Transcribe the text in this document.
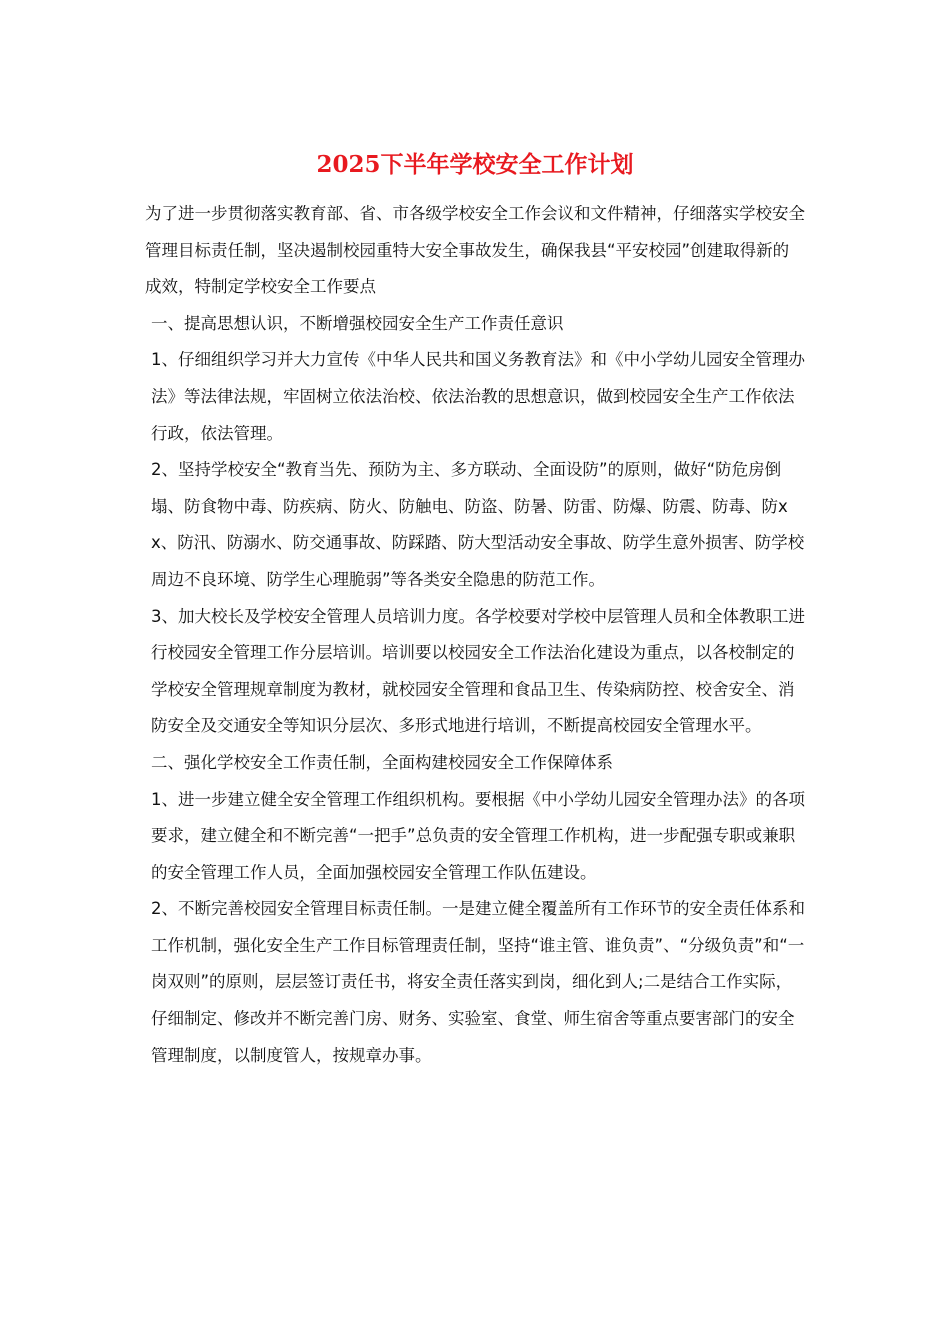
2025下半年学校安全工作计划

为了进一步贯彻落实教育部、省、市各级学校安全工作会议和文件精神，仔细落实学校安全管理目标责任制，坚决遏制校园重特大安全事故发生，确保我县“平安校园”创建取得新的成效，特制定学校安全工作要点

一、提高思想认识，不断增强校园安全生产工作责任意识

1、仔细组织学习并大力宣传《中华人民共和国义务教育法》和《中小学幼儿园安全管理办法》等法律法规，牢固树立依法治校、依法治教的思想意识，做到校园安全生产工作依法行政，依法管理。

2、坚持学校安全“教育当先、预防为主、多方联动、全面设防”的原则，做好“防危房倒塌、防食物中毒、防疾病、防火、防触电、防盗、防暑、防雷、防爆、防震、防毒、防xx、防汛、防溺水、防交通事故、防踩踏、防大型活动安全事故、防学生意外损害、防学校周边不良环境、防学生心理脆弱”等各类安全隐患的防范工作。

3、加大校长及学校安全管理人员培训力度。各学校要对学校中层管理人员和全体教职工进行校园安全管理工作分层培训。培训要以校园安全工作法治化建设为重点，以各校制定的学校安全管理规章制度为教材，就校园安全管理和食品卫生、传染病防控、校舍安全、消防安全及交通安全等知识分层次、多形式地进行培训，不断提高校园安全管理水平。

二、强化学校安全工作责任制，全面构建校园安全工作保障体系

1、进一步建立健全安全管理工作组织机构。要根据《中小学幼儿园安全管理办法》的各项要求，建立健全和不断完善“一把手”总负责的安全管理工作机构，进一步配强专职或兼职的安全管理工作人员，全面加强校园安全管理工作队伍建设。

2、不断完善校园安全管理目标责任制。一是建立健全覆盖所有工作环节的安全责任体系和工作机制，强化安全生产工作目标管理责任制，坚持“谁主管、谁负责”、“分级负责”和“一岗双则”的原则，层层签订责任书，将安全责任落实到岗，细化到人;二是结合工作实际，仔细制定、修改并不断完善门房、财务、实验室、食堂、师生宿舍等重点要害部门的安全管理制度，以制度管人，按规章办事。
